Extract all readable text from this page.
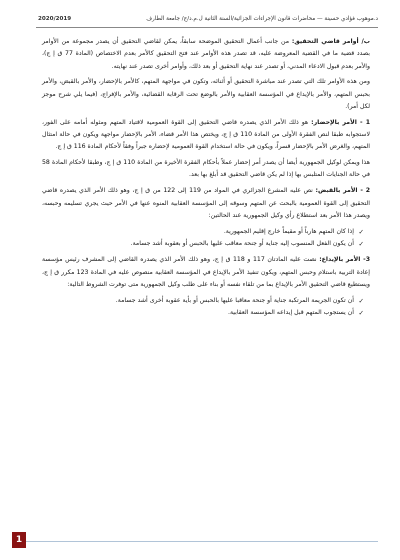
2020/2019	د.موهوب فؤادي حسينة — محاضرات قانون الإجراءات الجزائية/السنة الثانية ل.م.د/ج/ جامعة الطارف

ب/ أوامر قاضي التحقيق: من جانب أعمال التحقيق الموضحة سابقاً، يمكن لقاضي التحقيق أن يصدر مجموعة من الأوامر بصدد قضية ما في القضية المعروضة عليه، قد تصدر هذه الأوامر عند فتح التحقيق كالأمر بعدم الاختصاص (المادة 77 ق إ ج)، والأمر بعدم قبول الادعاء المدني، أو تصدر عند نهاية التحقيق أو بعد ذلك، وأوامر أخرى تصدر عند نهايته.

ومن هذه الأوامر تلك التي تصدر عند مباشرة التحقيق أو أثنائه، وتكون في مواجهة المتهم، كالأمر بالإحضار، والأمر بالقبض، والأمر بحبس المتهم، والأمر بالإيداع في المؤسسة العقابية والأمر بالوضع تحت الرقابة القضائية، والأمر بالإفراج، (فيما يلي شرح موجز لكل أمر).

1 - الأمر بالإحضار: هو ذلك الأمر الذي يصدره قاضي التحقيق إلى القوة العمومية لاقتياد المتهم ومثوله أمامه على الفور، لاستجوابه طبقا لنص الفقرة الأولى من المادة 110 ق إ ج، ويختص هذا الأمر قضاء، الأمر بالإحضار مواجهة ويكون في حالة امتثال المتهم، والغرض الأمر بالإحضار قسراً، ويكون في حالة استخدام القوة العمومية لإحضاره جبراً وفقاً لأحكام المادة 116 ق إ ج.

هذا ويمكن لوكيل الجمهورية أيضا أن يصدر أمر إحضار عملاً بأحكام الفقرة الأخيرة من المادة 110 ق إ ج، وطبقا لأحكام المادة 58 في حالة الجنايات المتلبس بها إذا لم يكن قاضي التحقيق قد أبلغ بها بعد.

2 - الأمر بالقبض: نص عليه المشرع الجزائري في المواد من 119 إلى 122 من ق إ ج، وهو ذلك الأمر الذي يصدره قاضي التحقيق إلى القوة العمومية بالبحث عن المتهم وسوقه إلى المؤسسة العقابية المنوه عنها في الأمر حيث يجري تسليمه وحبسه، ويصدر هذا الأمر بعد استطلاع رأي وكيل الجمهورية عند الحالتين:

✓
إذا كان المتهم هارباً أو مقيماً خارج إقليم الجمهورية.
✓
أن يكون الفعل المنسوب إليه جناية أو جنحة معاقب عليها بالحبس أو بعقوبة أشد جسامة.

3- الأمر بالإيداع: نصت عليه المادتان 117 و 118 ق إ ج، وهو ذلك الأمر الذي يصدره القاضي إلى المشرف رئيس مؤسسة إعادة التربية باستلام وحبس المتهم، ويكون تنفيذ الأمر بالإيداع في المؤسسة العقابية منصوص عليه في المادة 123 مكرر ق إ ج، ويستطيع قاضي التحقيق الأمر بالإيداع بما من تلقاء نفسه أو بناء على طلب وكيل الجمهورية متى توفرت الشروط التالية:

✓
أن تكون الجريمة المرتكبة جناية أو جنحة معاقبا عليها بالحبس أو بأية عقوبة أخرى أشد جسامة.
✓
أن يستجوب المتهم قبل إيداعه المؤسسة العقابية.
1
